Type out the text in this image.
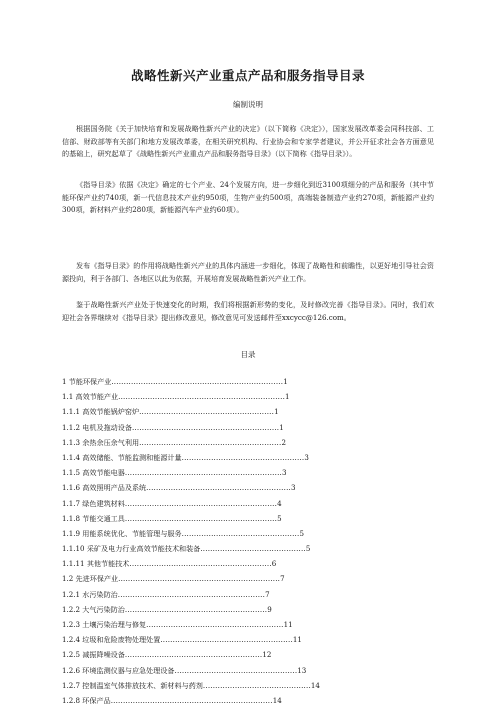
战略性新兴产业重点产品和服务指导目录
编制说明

根据国务院《关于加快培育和发展战略性新兴产业的决定》（以下简称《决定》），国家发展改革委会同科技部、工信部、财政部等有关部门和地方发展改革委，在相关研究机构、行业协会和专家学者建议，并公开征求社会各方面意见的基础上，研究起草了《战略性新兴产业重点产品和服务指导目录》（以下简称《指导目录》）。

《指导目录》依据《决定》确定的七个产业、24个发展方向，进一步细化到近3100项细分的产品和服务（其中节能环保产业约740项，新一代信息技术产业约950项，生物产业约500项，高端装备制造产业约270项，新能源产业约300项，新材料产业约280项，新能源汽车产业约60项）。

发布《指导目录》的作用将战略性新兴产业的具体内涵进一步细化，体现了战略性和前瞻性，以更好地引导社会资源投向，利于各部门、各地区以此为依据，开展培育发展战略性新兴产业工作。

鉴于战略性新兴产业处于快速变化的时期，我们将根据新形势的变化，及时修改完善《指导目录》。同时，我们欢迎社会各界继续对《指导目录》提出修改意见，修改意见可发送邮件至xxcycc@126.com。

目录
1 节能环保产业 ...................................................................... 1
1.1 高效节能产业 .................................................................... 1
1.1.1 高效节能锅炉窑炉 ....................................................... 1
1.1.2 电机及拖动设备 ............................................................ 1
1.1.3 余热余压余气利用 .......................................................... 2
1.1.4 高效储能、节能监测和能源计量 .................................................. 3
1.1.5 高效节能电器 ................................................................ 3
1.1.6 高效照明产品及系统 ........................................................... 3
1.1.7 绿色建筑材料 .............................................................. 4
1.1.8 节能交通工具 .............................................................. 5
1.1.9 用能系统优化、节能管理与服务 ................................................ 5
1.1.10 采矿及电力行业高效节能技术和装备 ........................................... 5
1.1.11 其他节能技术 .......................................................... 6
1.2 先进环保产业 .................................................................. 7
1.2.1 水污染防治 ............................................................ 7
1.2.2 大气污染防治 .......................................................... 9
1.2.3 土壤污染治理与修复 ........................................................ 11
1.2.4 垃圾和危险废物处理处置 ...................................................... 11
1.2.5 减振降噪设备 ........................................................ 12
1.2.6 环境监测仪器与应急处理设备 .................................................. 13
1.2.7 控制温室气体排放技术、新材料与药剂 ............................................ 14
1.2.8 环保产品 .................................................................. 14
